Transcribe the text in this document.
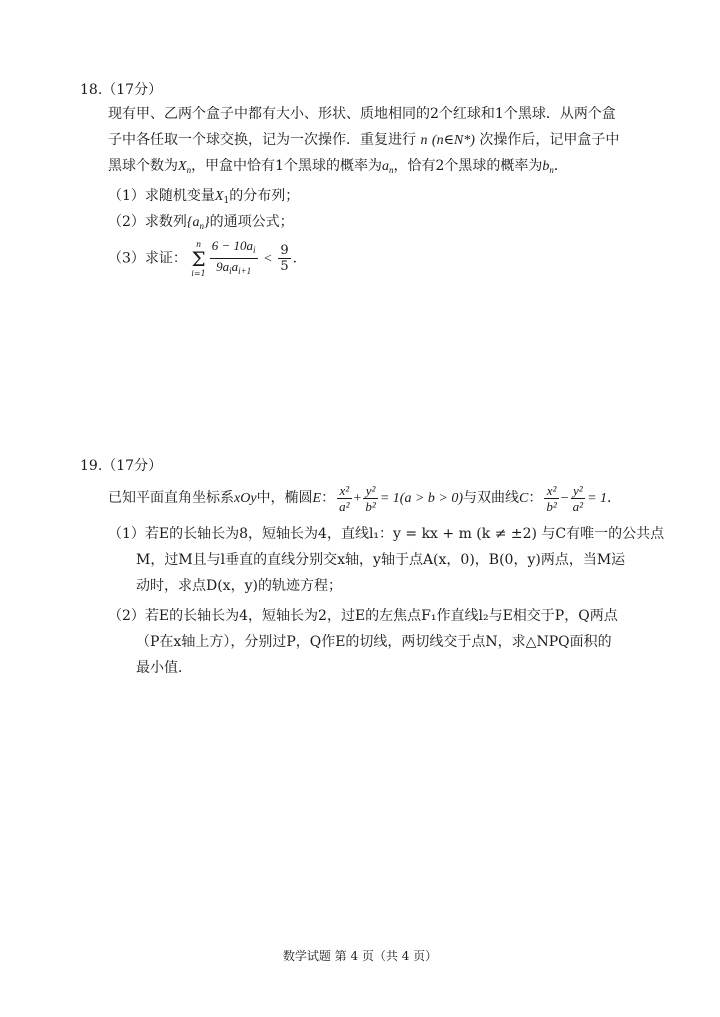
18.（17分）
现有甲、乙两个盒子中都有大小、形状、质地相同的2个红球和1个黑球．从两个盒
子中各任取一个球交换，记为一次操作．重复进行 n (n∈N*) 次操作后，记甲盒子中
黑球个数为$X_n$，甲盒中恰有1个黑球的概率为$a_n$，恰有2个黑球的概率为$b_n$．
（1）求随机变量$X_1$的分布列；
（2）求数列$\{a_n\}$的通项公式；
（3）求证：
n
Σ
$i=1 \frac{6 - 10a_i}{9a_ia_{i+1}} < \frac{9}{5}$ ．
19.（17分）
已知平面直角坐标系xOy中，椭圆E： $\frac{\text{x²}}{\text{a²}} + \frac{\text{y²}}{\text{b²}} = 1(a > b > 0)$与双曲线C： $\frac{\text{x²}}{\text{b²}} - \frac{\text{y²}}{\text{a²}} = 1$．
（1）若E的长轴长为8，短轴长为4，直线l₁：y = kx + m (k ≠ ±2) 与C有唯一的公共点
M，过M且与l垂直的直线分别交x轴，y轴于点A(x，0)，B(0，y)两点，当M运
动时，求点D(x，y)的轨迹方程；
（2）若E的长轴长为4，短轴长为2，过E的左焦点F₁作直线l₂与E相交于P，Q两点
（P在x轴上方），分别过P，Q作E的切线，两切线交于点N，求△NPQ面积的
最小值．
数学试题 第 4 页（共 4 页）
